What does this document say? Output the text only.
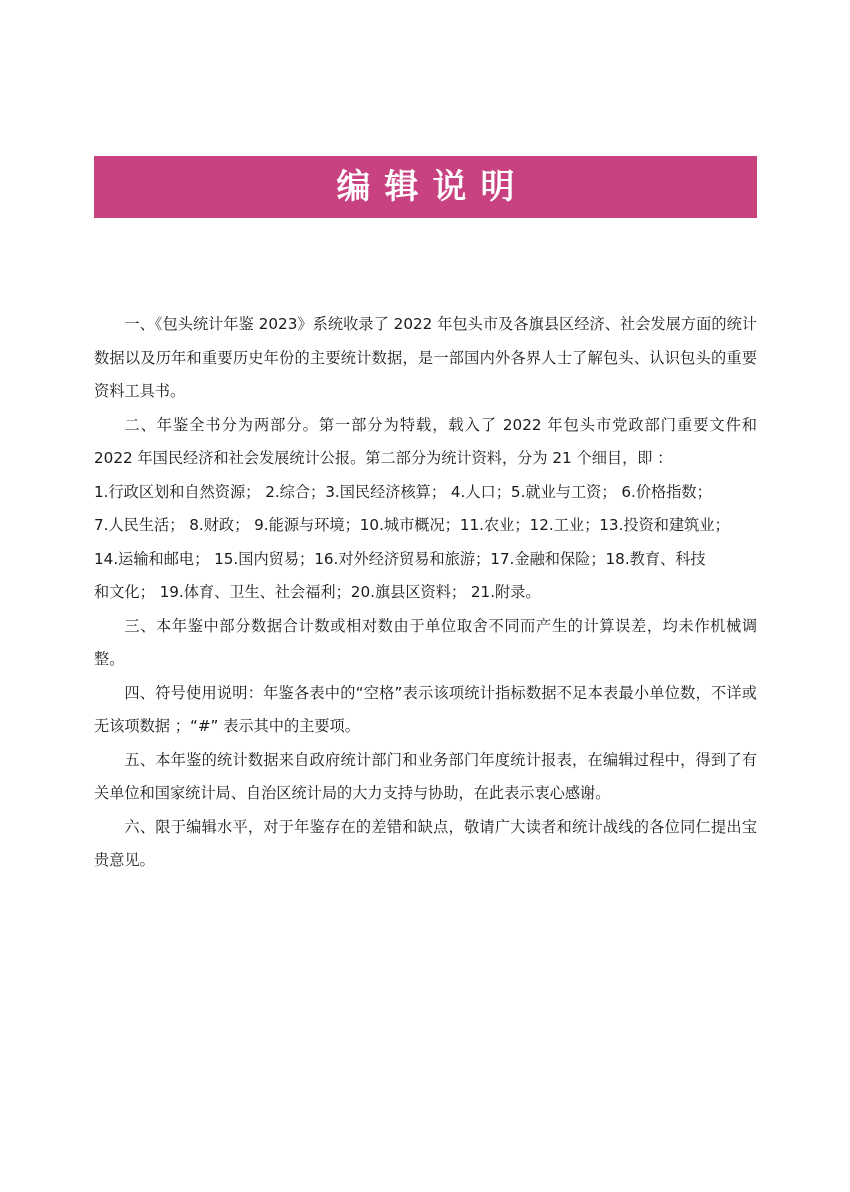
编辑说明

一、《包头统计年鉴 2023》系统收录了 2022 年包头市及各旗县区经济、社会发展方面的统计数据以及历年和重要历史年份的主要统计数据，是一部国内外各界人士了解包头、认识包头的重要资料工具书。

二、年鉴全书分为两部分。第一部分为特载，载入了 2022 年包头市党政部门重要文件和 2022 年国民经济和社会发展统计公报。第二部分为统计资料，分为 21 个细目，即 ：
1.行政区划和自然资源； 2.综合；3.国民经济核算； 4.人口；5.就业与工资； 6.价格指数；
7.人民生活； 8.财政； 9.能源与环境；10.城市概况；11.农业；12.工业；13.投资和建筑业；
14.运输和邮电； 15.国内贸易；16.对外经济贸易和旅游；17.金融和保险；18.教育、科技
和文化； 19.体育、卫生、社会福利；20.旗县区资料； 21.附录。

三、本年鉴中部分数据合计数或相对数由于单位取舍不同而产生的计算误差，均未作机械调整。

四、符号使用说明：年鉴各表中的“空格”表示该项统计指标数据不足本表最小单位数，不详或无该项数据 ；“#” 表示其中的主要项。

五、本年鉴的统计数据来自政府统计部门和业务部门年度统计报表，在编辑过程中，得到了有关单位和国家统计局、自治区统计局的大力支持与协助，在此表示衷心感谢。

六、限于编辑水平，对于年鉴存在的差错和缺点，敬请广大读者和统计战线的各位同仁提出宝贵意见。
